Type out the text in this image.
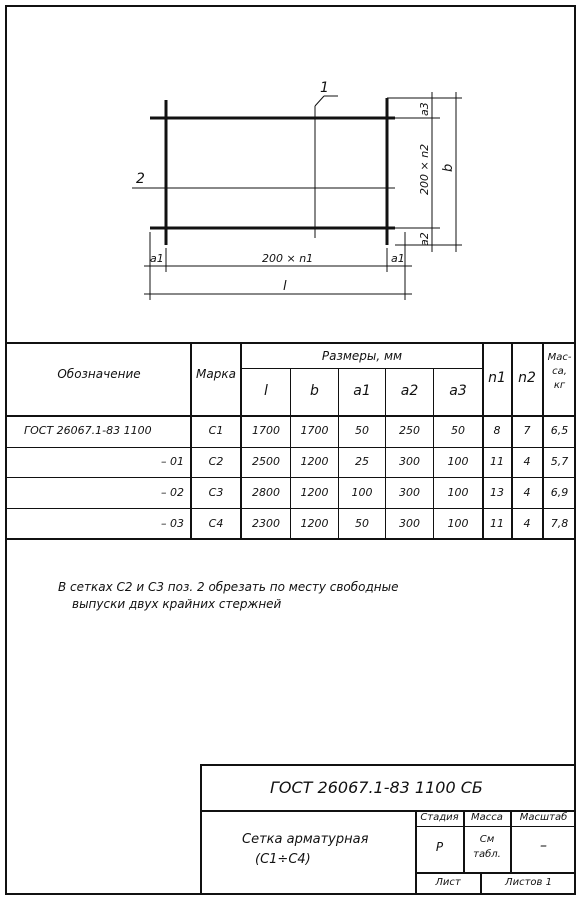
1
2
a1	200 × n1	a1
l
a3
200 × n2 b
a2
Обозначение	Марка
Размеры, мм
l	b	a1	a2	a3
n1 n2
Мас-
са,
кг
ГОСТ 26067.1-83 1100	С1	1700	1700	50	250	50	8	7	6,5
– 01	С2	2500	1200	25	300	100	11	4	5,7
– 02	С3	2800	1200	100	300	100	13	4	6,9
– 03	С4	2300	1200	50	300	100	11	4	7,8
В сетках С2 и С3 поз. 2 обрезать по месту свободные
выпуски двух крайних стержней
ГОСТ 26067.1-83 1100 СБ
Сетка арматурная
(С1÷С4)
Стадия	Масса	Масштаб
Р
См
табл.
–
Лист	Листов 1
